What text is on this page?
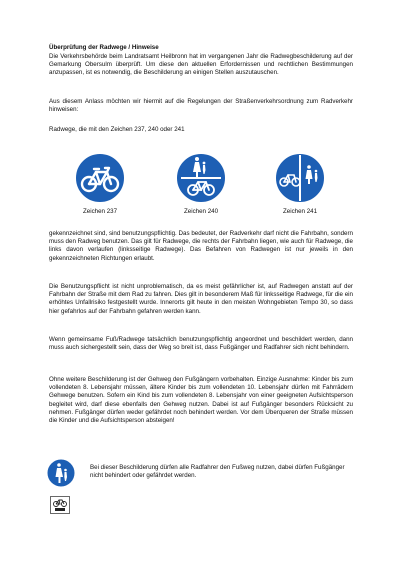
Überprüfung der Radwege / Hinweise

Die Verkehrsbehörde beim Landratsamt Heilbronn hat im vergangenen Jahr die Radwegbeschilderung auf der Gemarkung Obersulm überprüft. Um diese den aktuellen Erfordernissen und rechtlichen Bestimmungen anzupassen, ist es notwendig, die Beschilderung an einigen Stellen auszutauschen.

Aus diesem Anlass möchten wir hiermit auf die Regelungen der Straßenverkehrsordnung zum Radverkehr hinweisen:

Radwege, die mit den Zeichen 237, 240 oder 241

Zeichen 237	Zeichen 240	Zeichen 241

gekennzeichnet sind, sind benutzungspflichtig. Das bedeutet, der Radverkehr darf nicht die Fahrbahn, sondern muss den Radweg benutzen. Das gilt für Radwege, die rechts der Fahrbahn liegen, wie auch für Radwege, die links davon verlaufen (linksseitige Radwege). Das Befahren von Radwegen ist nur jeweils in den gekennzeichneten Richtungen erlaubt.

Die Benutzungspflicht ist nicht unproblematisch, da es meist gefährlicher ist, auf Radwegen anstatt auf der Fahrbahn der Straße mit dem Rad zu fahren. Dies gilt in besonderem Maß für linksseitige Radwege, für die ein erhöhtes Unfallrisiko festgestellt wurde. Innerorts gilt heute in den meisten Wohngebieten Tempo 30, so dass hier gefahrlos auf der Fahrbahn gefahren werden kann.

Wenn gemeinsame Fuß/Radwege tatsächlich benutzungspflichtig angeordnet und beschildert werden, dann muss auch sichergestellt sein, dass der Weg so breit ist, dass Fußgänger und Radfahrer sich nicht behindern.

Ohne weitere Beschilderung ist der Gehweg den Fußgängern vorbehalten. Einzige Ausnahme: Kinder bis zum vollendeten 8. Lebensjahr müssen, ältere Kinder bis zum vollendeten 10. Lebensjahr dürfen mit Fahrrädern Gehwege benutzen. Sofern ein Kind bis zum vollendeten 8. Lebensjahr von einer geeigneten Aufsichtsperson begleitet wird, darf diese ebenfalls den Gehweg nutzen. Dabei ist auf Fußgänger besonders Rücksicht zu nehmen. Fußgänger dürfen weder gefährdet noch behindert werden. Vor dem Überqueren der Straße müssen die Kinder und die Aufsichtsperson absteigen!

Bei dieser Beschilderung dürfen alle Radfahrer den Fußweg nutzen, dabei dürfen Fußgänger nicht behindert oder gefährdet werden.
